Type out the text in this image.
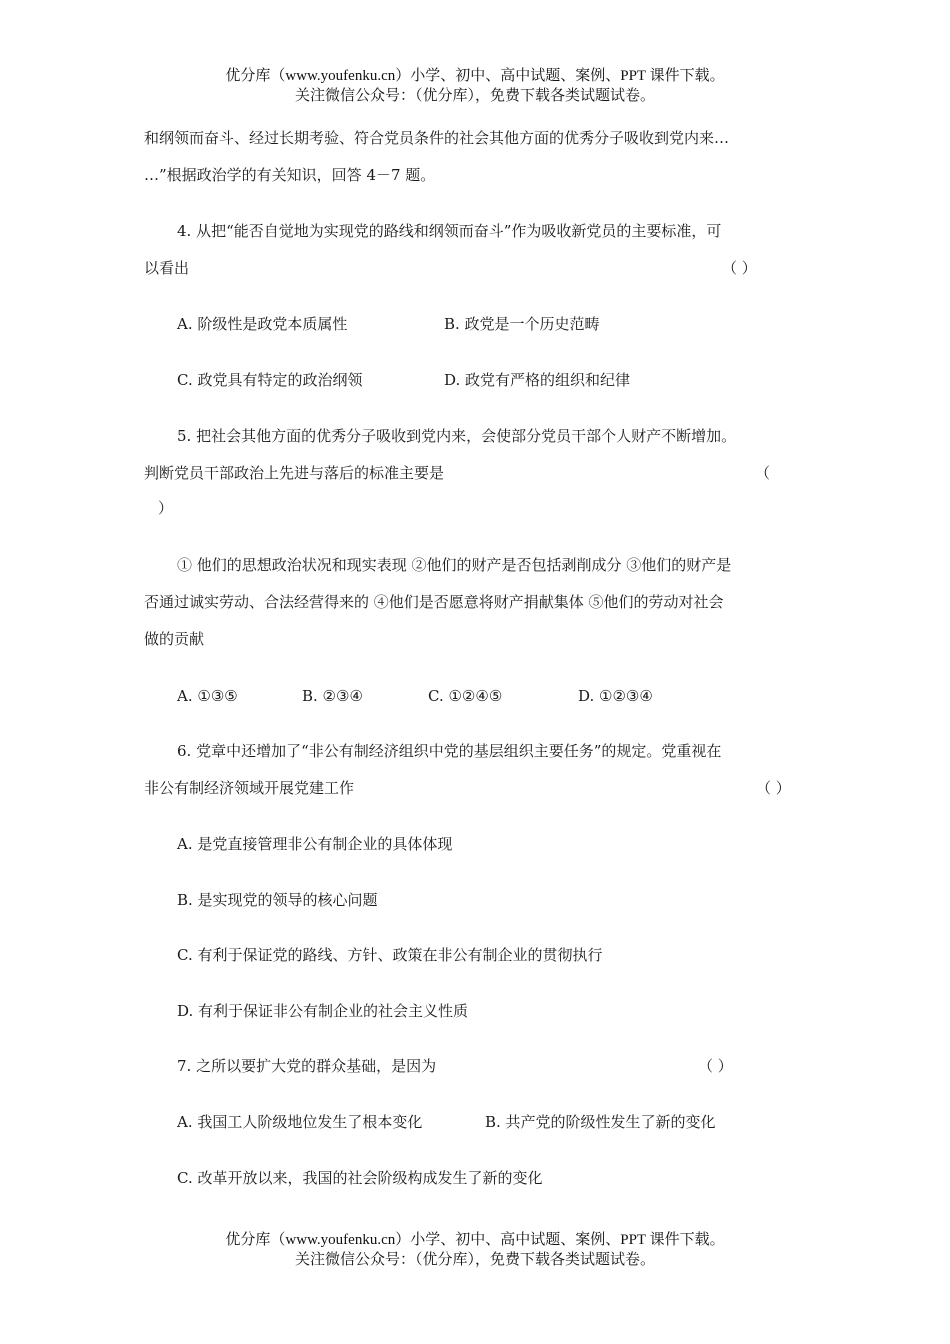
优分库（www.youfenku.cn）小学、初中、高中试题、案例、PPT 课件下载。
关注微信公众号：（优分库），免费下载各类试题试卷。
和纲领而奋斗、经过长期考验、符合党员条件的社会其他方面的优秀分子吸收到党内来…
…”根据政治学的有关知识，回答 4－7 题。
4. 从把“能否自觉地为实现党的路线和纲领而奋斗”作为吸收新党员的主要标准，可
以看出	（ ）
A. 阶级性是政党本质属性	B. 政党是一个历史范畴
C. 政党具有特定的政治纲领	D. 政党有严格的组织和纪律
5. 把社会其他方面的优秀分子吸收到党内来，会使部分党员干部个人财产不断增加。
判断党员干部政治上先进与落后的标准主要是	（
）
① 他们的思想政治状况和现实表现 ②他们的财产是否包括剥削成分 ③他们的财产是
否通过诚实劳动、合法经营得来的 ④他们是否愿意将财产捐献集体 ⑤他们的劳动对社会
做的贡献
A. ①③⑤	B. ②③④	C. ①②④⑤	D. ①②③④
6. 党章中还增加了“非公有制经济组织中党的基层组织主要任务”的规定。党重视在
非公有制经济领域开展党建工作	（ ）
A. 是党直接管理非公有制企业的具体体现
B. 是实现党的领导的核心问题
C. 有利于保证党的路线、方针、政策在非公有制企业的贯彻执行
D. 有利于保证非公有制企业的社会主义性质
7. 之所以要扩大党的群众基础，是因为	（ ）
A. 我国工人阶级地位发生了根本变化	B. 共产党的阶级性发生了新的变化
C. 改革开放以来，我国的社会阶级构成发生了新的变化
优分库（www.youfenku.cn）小学、初中、高中试题、案例、PPT 课件下载。
关注微信公众号：（优分库），免费下载各类试题试卷。
